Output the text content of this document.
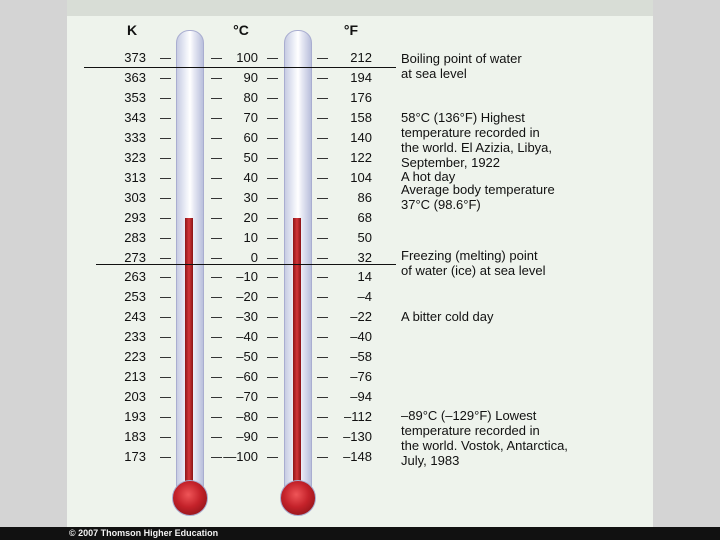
K	°C	°F
373	100	212
363	90	194
353	80	176
343	70	158
333	60	140
323	50	122
313	40	104
303	30	86
293	20	68
283	10	50
273	0	32
263	–10	14
253	–20	–4
243	–30	–22
233	–40	–40
223	–50	–58
213	–60	–76
203	–70	–94
193	–80	–112
183	–90	–130
173	—100	–148
Boiling point of water
at sea level
58°C (136°F) Highest
temperature recorded in
the world. El Azizia, Libya,
September, 1922
A hot day
Average body temperature
37°C (98.6°F)
Freezing (melting) point
of water (ice) at sea level
A bitter cold day
–89°C (–129°F) Lowest
temperature recorded in
the world. Vostok, Antarctica,
July, 1983
© 2007 Thomson Higher Education
